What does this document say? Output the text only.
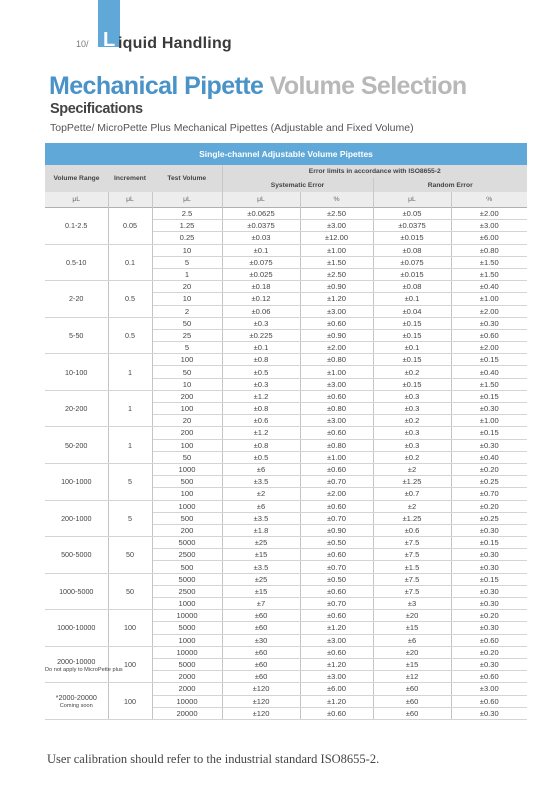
10/ L iquid Handling
Mechanical Pipette Volume Selection
Specifications
TopPette/ MicroPette Plus Mechanical Pipettes (Adjustable and Fixed Volume)
Single-channel Adjustable Volume Pipettes						
Volume Range	Increment	Test Volume	Error limits in accordance with ISO8655-2			
			Systematic Error		Random Error	
μL	μL	μL	μL	%	μL	%
0.1-2.5	0.05	2.5	±0.0625	±2.50	±0.05	±2.00
		1.25	±0.0375	±3.00	±0.0375	±3.00
		0.25	±0.03	±12.00	±0.015	±6.00
0.5-10	0.1	10	±0.1	±1.00	±0.08	±0.80
		5	±0.075	±1.50	±0.075	±1.50
		1	±0.025	±2.50	±0.015	±1.50
2-20	0.5	20	±0.18	±0.90	±0.08	±0.40
		10	±0.12	±1.20	±0.1	±1.00
		2	±0.06	±3.00	±0.04	±2.00
5-50	0.5	50	±0.3	±0.60	±0.15	±0.30
		25	±0.225	±0.90	±0.15	±0.60
		5	±0.1	±2.00	±0.1	±2.00
10-100	1	100	±0.8	±0.80	±0.15	±0.15
		50	±0.5	±1.00	±0.2	±0.40
		10	±0.3	±3.00	±0.15	±1.50
20-200	1	200	±1.2	±0.60	±0.3	±0.15
		100	±0.8	±0.80	±0.3	±0.30
		20	±0.6	±3.00	±0.2	±1.00
50-200	1	200	±1.2	±0.60	±0.3	±0.15
		100	±0.8	±0.80	±0.3	±0.30
		50	±0.5	±1.00	±0.2	±0.40
100-1000	5	1000	±6	±0.60	±2	±0.20
		500	±3.5	±0.70	±1.25	±0.25
		100	±2	±2.00	±0.7	±0.70
200-1000	5	1000	±6	±0.60	±2	±0.20
		500	±3.5	±0.70	±1.25	±0.25
		200	±1.8	±0.90	±0.6	±0.30
500-5000	50	5000	±25	±0.50	±7.5	±0.15
		2500	±15	±0.60	±7.5	±0.30
		500	±3.5	±0.70	±1.5	±0.30
1000-5000	50	5000	±25	±0.50	±7.5	±0.15
		2500	±15	±0.60	±7.5	±0.30
		1000	±7	±0.70	±3	±0.30
1000-10000	100	10000	±60	±0.60	±20	±0.20
		5000	±60	±1.20	±15	±0.30
		1000	±30	±3.00	±6	±0.60
2000-10000
Do not apply to MicroPette plus	100	10000	±60	±0.60	±20	±0.20
		5000	±60	±1.20	±15	±0.30
		2000	±60	±3.00	±12	±0.60
*2000-20000
Coming soon	100	2000	±120	±6.00	±60	±3.00
		10000	±120	±1.20	±60	±0.60
		20000	±120	±0.60	±60	±0.30
User calibration should refer to the industrial standard ISO8655-2.
